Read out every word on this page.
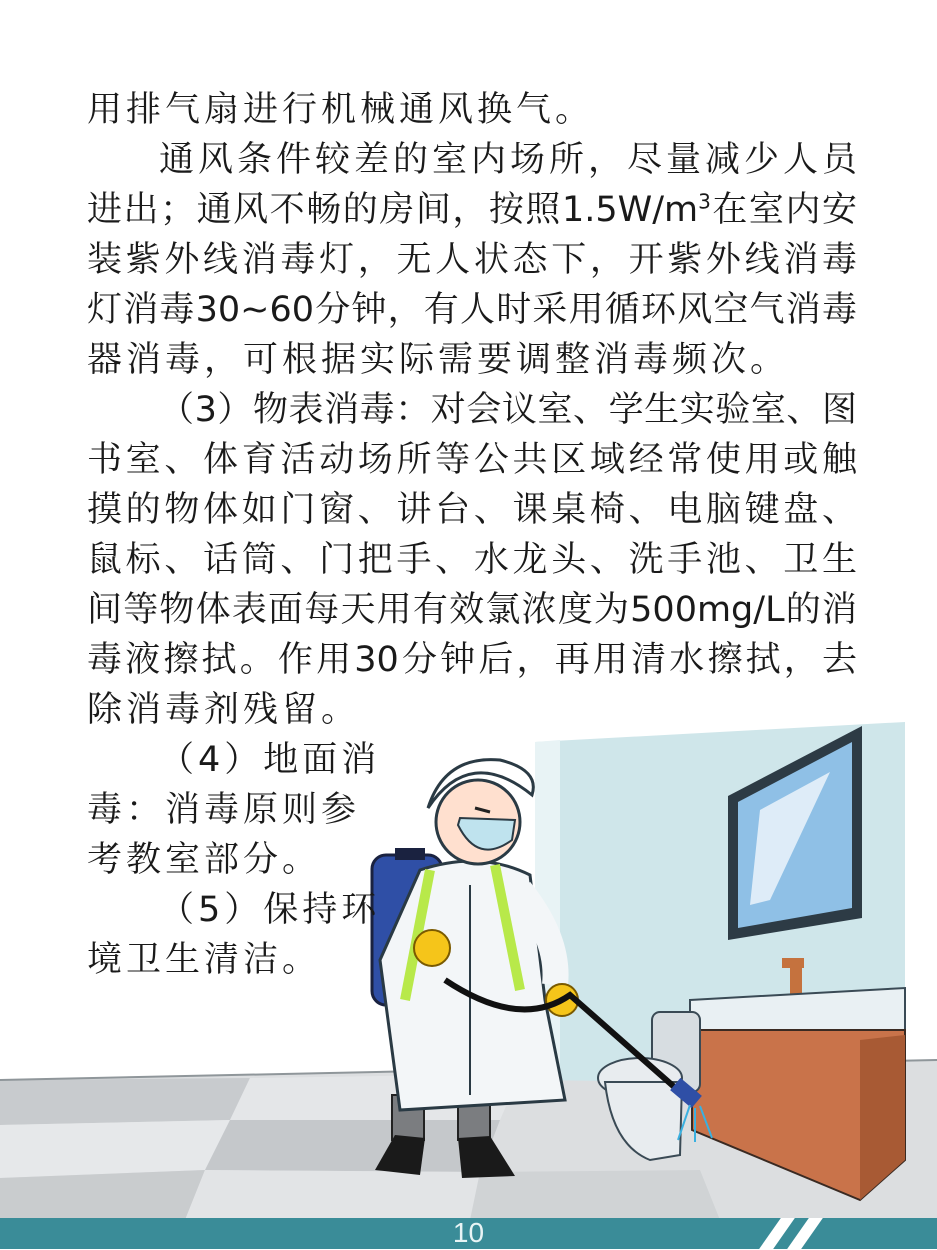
用排气扇进行机械通风换气。
通风条件较差的室内场所，尽量减少人员
进出；通风不畅的房间，按照$1.5W/m^3$在室内安
装紫外线消毒灯，无人状态下，开紫外线消毒
灯消毒30~60分钟，有人时采用循环风空气消毒
器消毒，可根据实际需要调整消毒频次。
（3）物表消毒：对会议室、学生实验室、图
书室、体育活动场所等公共区域经常使用或触
摸的物体如门窗、讲台、课桌椅、电脑键盘、
鼠标、话筒、门把手、水龙头、洗手池、卫生
间等物体表面每天用有效氯浓度为500mg/L的消
毒液擦拭。作用30分钟后，再用清水擦拭，去
除消毒剂残留。
（4）地面消
毒：消毒原则参
考教室部分。
（5）保持环
境卫生清洁。
10
